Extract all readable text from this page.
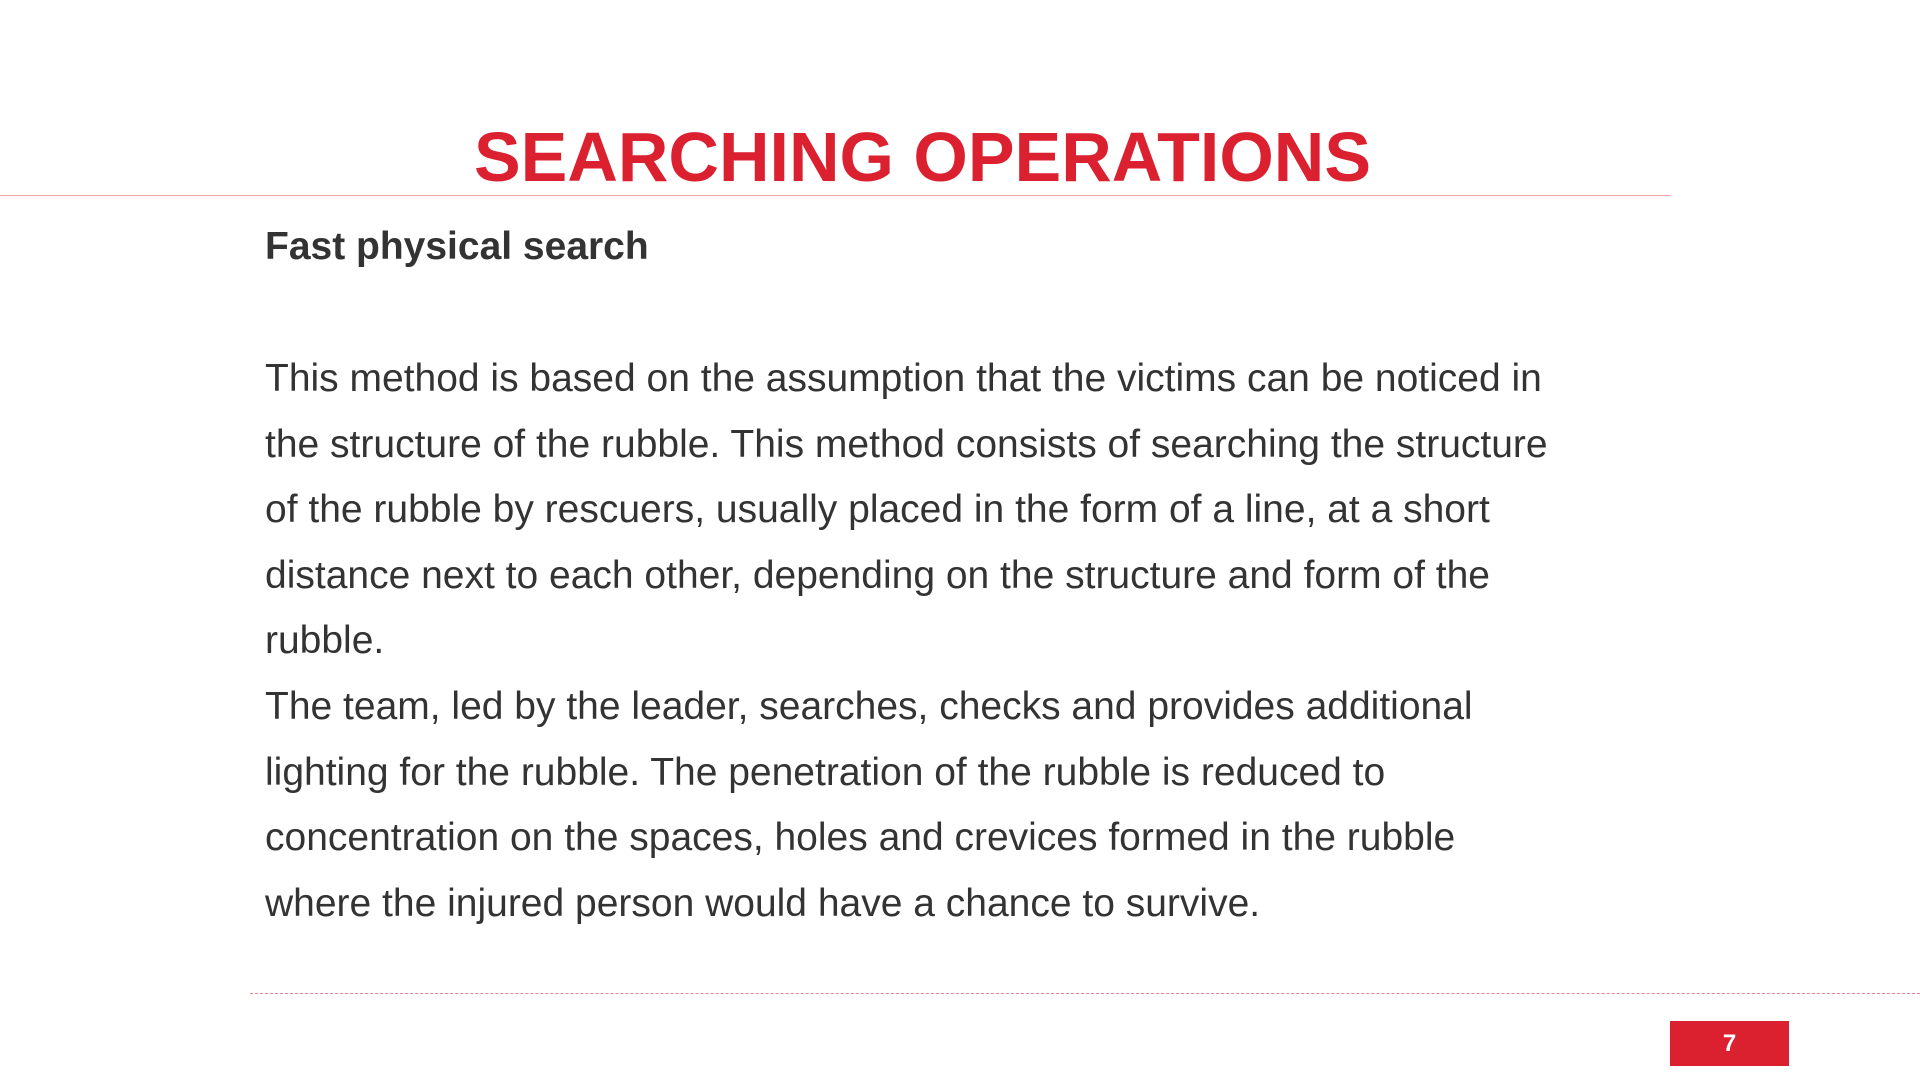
SEARCHING OPERATIONS
Fast physical search

This method is based on the assumption that the victims can be noticed in
the structure of the rubble. This method consists of searching the structure
of the rubble by rescuers, usually placed in the form of a line, at a short
distance next to each other, depending on the structure and form of the
rubble.

The team, led by the leader, searches, checks and provides additional
lighting for the rubble. The penetration of the rubble is reduced to
concentration on the spaces, holes and crevices formed in the rubble
where the injured person would have a chance to survive.

7
